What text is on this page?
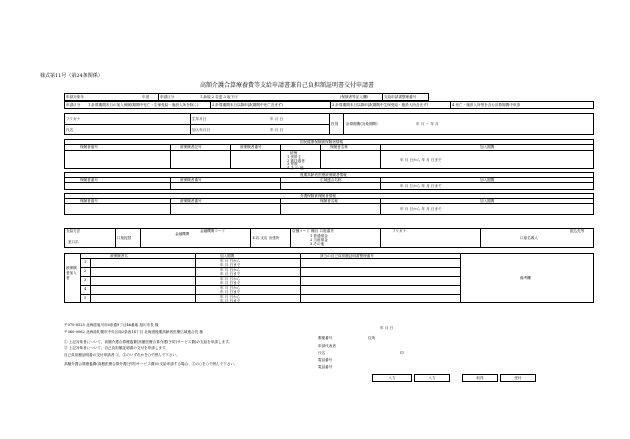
様式第11号（第24条関係）
高額介護合算療養費等支給申請書兼自己負担額証明書交付申請書
申請対象年	年度	申請区分	1 新規 2 変更 3 取下げ	(保険者等記入欄)	支給申請書整理番号
申請区分 1 計算期間末日の加入保険(期間中死亡・生保受給・施設入所を除く)	2 計算期間末日以降申請(期間中死亡含まず)	3 計算期間末日以降申請(期間中生保受給・施設入所含まず)	4 死亡・施設入所等を含む計算期間中申請
フリガナ
氏名
生年月日	年 月 日
加入年月日	年 月 日
性別 計算期間(対象期間)	年 月 ～ 年 月
国民健康保険被保険者情報
保険者番号	被保険者記号	被保険者番号	保険者名称	加入期間
続柄
1 世帯主
2 被扶養者
3 家族
4 そ の 他
年 月 日から 年 月 日まで
後期高齢者医療被保険者情報
保険者番号	被保険者番号	広域連合名称	加入期間
年 月 日から 年 月 日まで
介護保険被保険者情報
保険者番号	被保険者番号	保険者名称	加入期間
年 月 日から 年 月 日まで
支給方法
窓口払
口座振替
金融機関
金融機関コード
本店 支店 出張所
店舗コード 種目 口座番号
1 普通預金
2 当座預金
3 その他
フリガナ
口座名義人
振込先等
被保険者加入者
被保険者名	加入期間	該当の自己負担額証明書整理番号
備考欄
1	年 月 日から
年 月 日まで
2	年 月 日から
年 月 日まで
3	年 月 日から
年 月 日まで
4	年 月 日から
年 月 日まで
5	年 月 日から
年 月 日まで
〒070-8525 北海道旭川市6条通9丁目46番地 旭川市長 様
〒060-0062 北海道札幌市中央区南2条西14丁目 北海道後期高齢者医療広域連合長 様
年 月 日
① 上記対象者について、高額介護合算療養費(高額医療合算介護(予防)サービス費)の支給を申請します。
② 上記対象者について、自己負担額証明書の交付を申請します。
自己負担額証明書の交付申請者 ①、②のいずれかを○で囲んで下さい。
高額介護合算療養費(高額医療合算介護(予防)サービス費)の支給申請する場合、①の○を○で囲んで下さい。
郵便番号	住所
申請代表者
氏名	印
電話番号
電話番号
入力	入力	取得	受付
